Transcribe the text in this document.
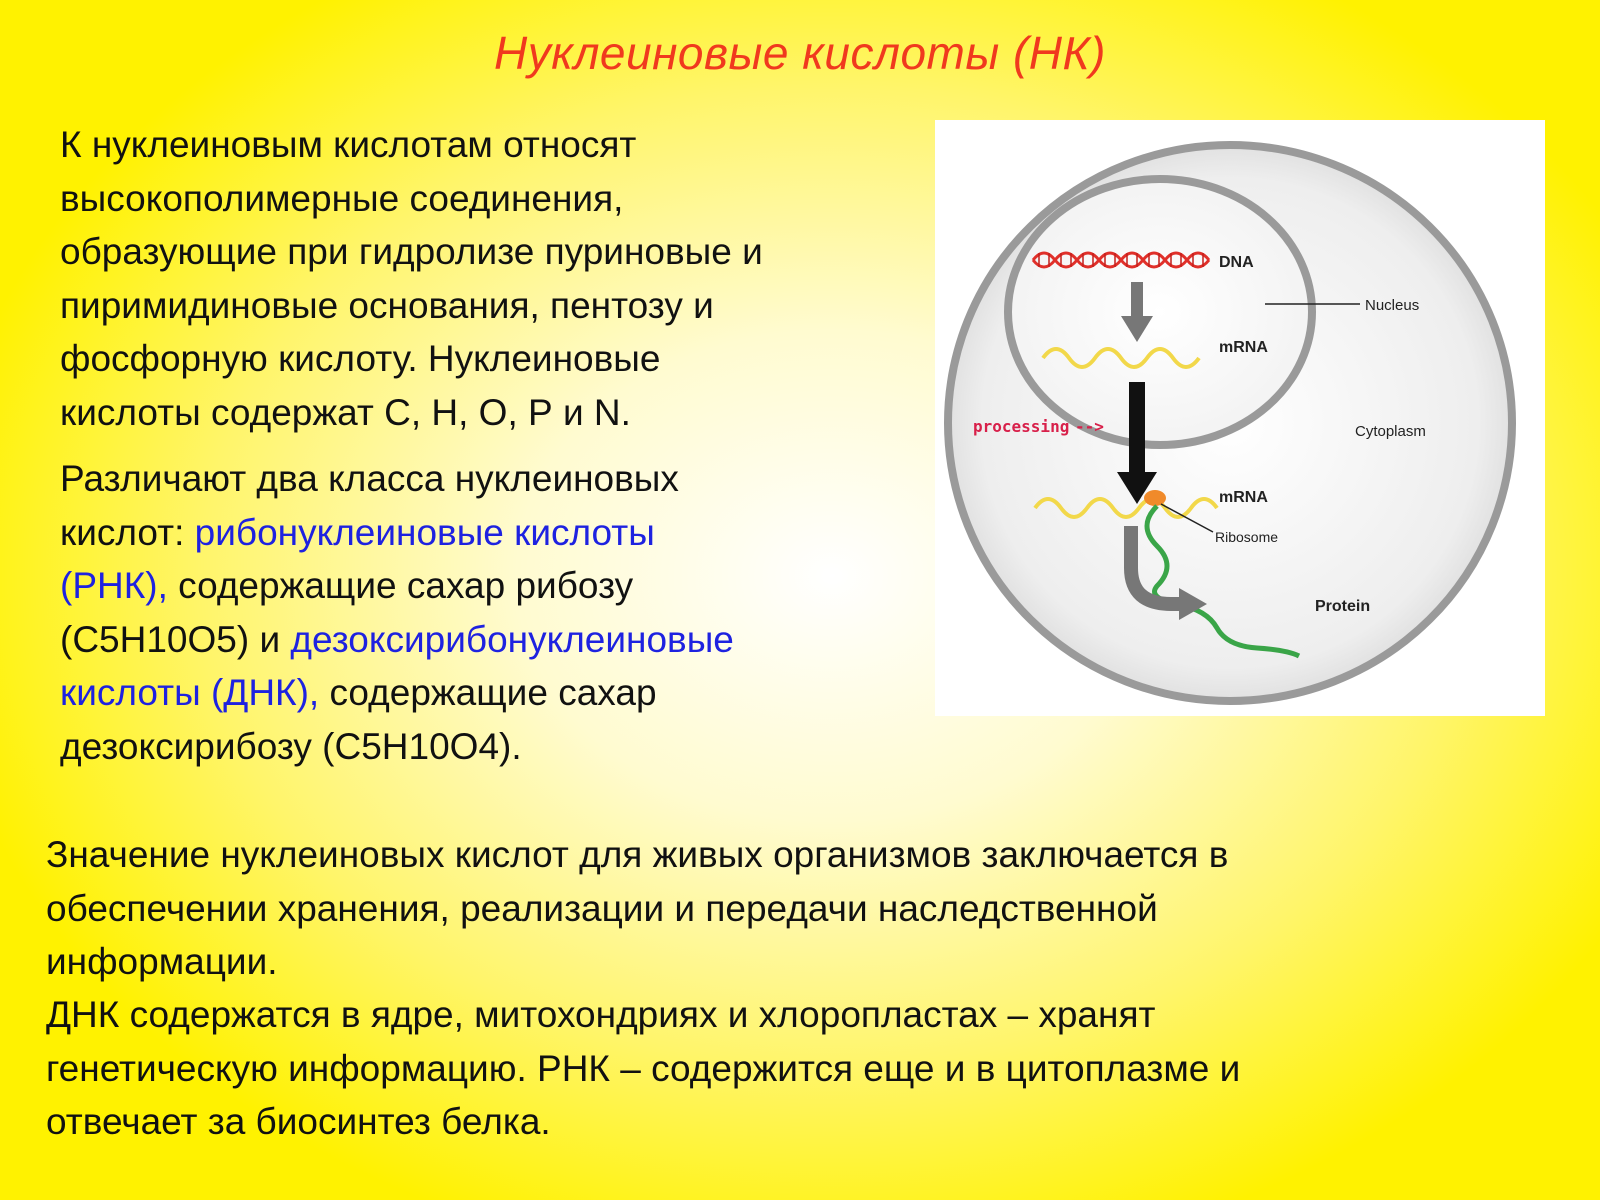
Нуклеиновые кислоты (НК)
К нуклеиновым кислотам относят
высокополимерные соединения,
образующие при гидролизе пуриновые и
пиримидиновые основания, пентозу и
фосфорную кислоту. Нуклеиновые
кислоты содержат С, Н, О, Р и N.
Различают два класса нуклеиновых
кислот: рибонуклеиновые кислоты
(РНК), содержащие сахар рибозу
(С5Н10О5) и дезоксирибонуклеиновые
кислоты (ДНК), содержащие сахар
дезоксирибозу (С5Н10О4).
Значение нуклеиновых кислот для живых организмов заключается в
обеспечении хранения, реализации и передачи наследственной
информации.
ДНК содержатся в ядре, митохондриях и хлоропластах – хранят
генетическую информацию. РНК – содержится еще и в цитоплазме и
отвечает за биосинтез белка.
DNA
Nucleus
mRNA
processing -->	Cytoplasm
mRNA
Ribosome
Protein
